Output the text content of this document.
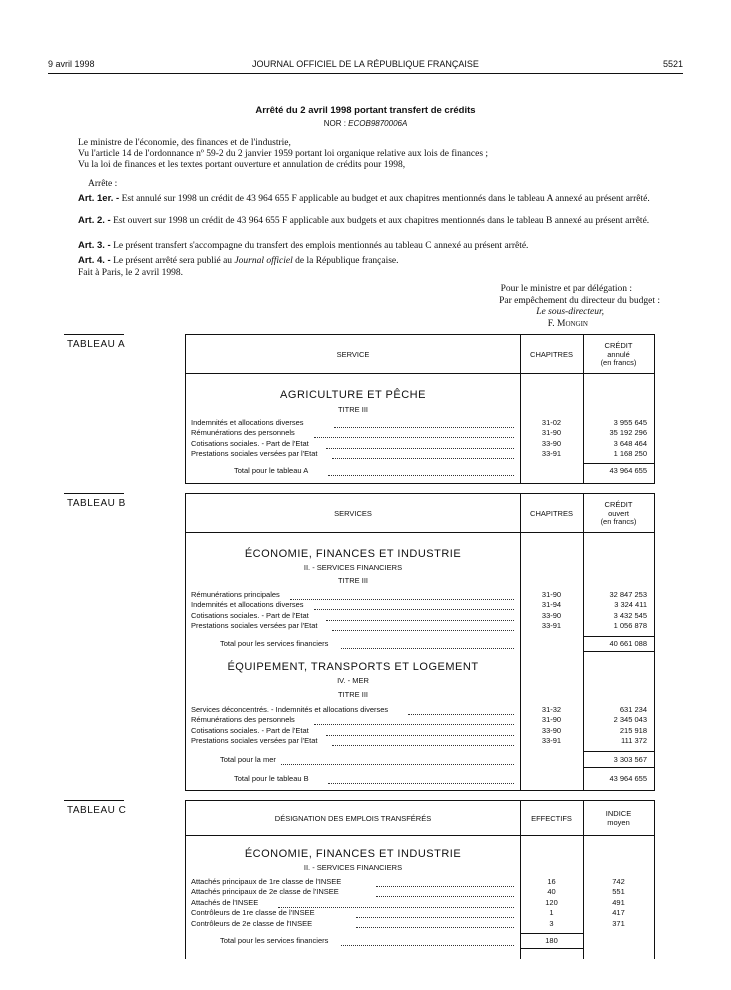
9 avril 1998	JOURNAL OFFICIEL DE LA RÉPUBLIQUE FRANÇAISE	5521
Arrêté du 2 avril 1998 portant transfert de crédits
NOR : ECOB9870006A
Le ministre de l'économie, des finances et de l'industrie,
Vu l'article 14 de l'ordonnance nº 59-2 du 2 janvier 1959 portant loi organique relative aux lois de finances ;
Vu la loi de finances et les textes portant ouverture et annulation de crédits pour 1998,
Arrête :
Art. 1er. - Est annulé sur 1998 un crédit de 43 964 655 F applicable au budget et aux chapitres mentionnés dans le tableau A annexé au présent arrêté.
Art. 2. - Est ouvert sur 1998 un crédit de 43 964 655 F applicable aux budgets et aux chapitres mentionnés dans le tableau B annexé au présent arrêté.
Art. 3. - Le présent transfert s'accompagne du transfert des emplois mentionnés au tableau C annexé au présent arrêté.
Art. 4. - Le présent arrêté sera publié au Journal officiel de la République française.
Fait à Paris, le 2 avril 1998.
Pour le ministre et par délégation :
Par empêchement du directeur du budget :
Le sous-directeur,
F. Mongin
TABLEAU A
SERVICE	CHAPITRES
CRÉDIT
annulé
(en francs)
AGRICULTURE ET PÊCHE
TITRE III
Indemnités et allocations diverses	31-02	3 955 645
Rémunérations des personnels	31-90	35 192 296
Cotisations sociales. - Part de l'Etat	33-90	3 648 464
Prestations sociales versées par l'Etat	33-91	1 168 250
Total pour le tableau A	43 964 655
TABLEAU B
SERVICES	CHAPITRES
CRÉDIT
ouvert
(en francs)
ÉCONOMIE, FINANCES ET INDUSTRIE
II. - SERVICES FINANCIERS
TITRE III
Rémunérations principales	31-90	32 847 253
Indemnités et allocations diverses	31-94	3 324 411
Cotisations sociales. - Part de l'Etat	33-90	3 432 545
Prestations sociales versées par l'Etat	33-91	1 056 878
Total pour les services financiers	40 661 088
ÉQUIPEMENT, TRANSPORTS ET LOGEMENT
IV. - MER
TITRE III
Services déconcentrés. - Indemnités et allocations diverses	31-32	631 234
Rémunérations des personnels	31-90	2 345 043
Cotisations sociales. - Part de l'Etat	33-90	215 918
Prestations sociales versées par l'Etat	33-91	111 372
Total pour la mer	3 303 567
Total pour le tableau B	43 964 655
TABLEAU C
DÉSIGNATION DES EMPLOIS TRANSFÉRÉS	EFFECTIFS
INDICE
moyen
ÉCONOMIE, FINANCES ET INDUSTRIE
II. - SERVICES FINANCIERS
Attachés principaux de 1re classe de l'INSEE	16	742
Attachés principaux de 2e classe de l'INSEE	40	551
Attachés de l'INSEE	120	491
Contrôleurs de 1re classe de l'INSEE	1	417
Contrôleurs de 2e classe de l'INSEE	3	371
Total pour les services financiers	180
